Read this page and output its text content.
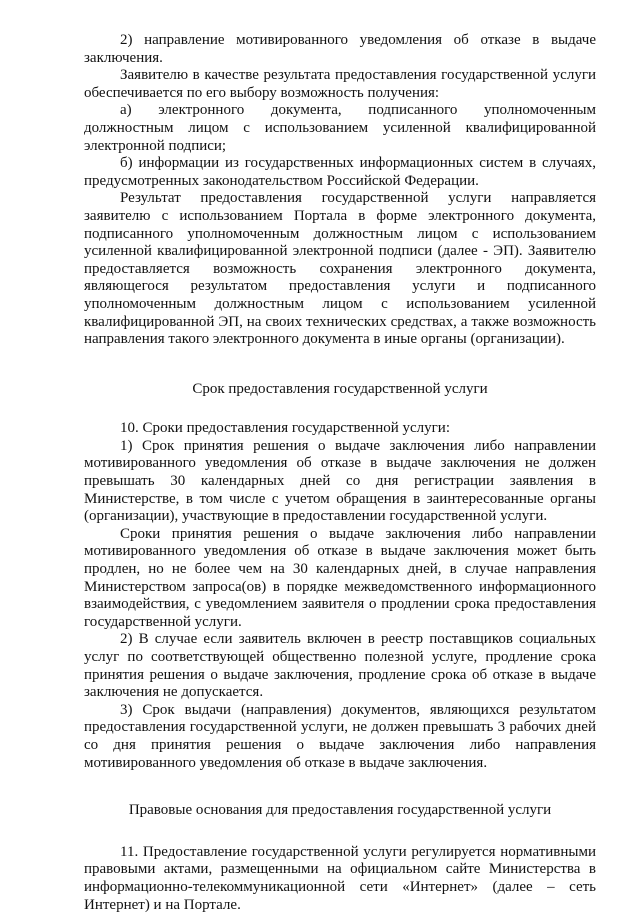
2) направление мотивированного уведомления об отказе в выдаче заключения.

Заявителю в качестве результата предоставления государственной услуги обеспечивается по его выбору возможность получения:

а) электронного документа, подписанного уполномоченным должностным лицом с использованием усиленной квалифицированной электронной подписи;

б) информации из государственных информационных систем в случаях, предусмотренных законодательством Российской Федерации.

Результат предоставления государственной услуги направляется заявителю с использованием Портала в форме электронного документа, подписанного уполномоченным должностным лицом с использованием усиленной квалифицированной электронной подписи (далее - ЭП). Заявителю предоставляется возможность сохранения электронного документа, являющегося результатом предоставления услуги и подписанного уполномоченным должностным лицом с использованием усиленной квалифицированной ЭП, на своих технических средствах, а также возможность направления такого электронного документа в иные органы (организации).

Срок предоставления государственной услуги

10. Сроки предоставления государственной услуги:

1) Срок принятия решения о выдаче заключения либо направлении мотивированного уведомления об отказе в выдаче заключения не должен превышать 30 календарных дней со дня регистрации заявления в Министерстве, в том числе с учетом обращения в заинтересованные органы (организации), участвующие в предоставлении государственной услуги.

Сроки принятия решения о выдаче заключения либо направлении мотивированного уведомления об отказе в выдаче заключения может быть продлен, но не более чем на 30 календарных дней, в случае направления Министерством запроса(ов) в порядке межведомственного информационного взаимодействия, с уведомлением заявителя о продлении срока предоставления государственной услуги.

2) В случае если заявитель включен в реестр поставщиков социальных услуг по соответствующей общественно полезной услуге, продление срока принятия решения о выдаче заключения, продление срока об отказе в выдаче заключения не допускается.

3) Срок выдачи (направления) документов, являющихся результатом предоставления государственной услуги, не должен превышать 3 рабочих дней со дня принятия решения о выдаче заключения либо направления мотивированного уведомления об отказе в выдаче заключения.

Правовые основания для предоставления государственной услуги

11. Предоставление государственной услуги регулируется нормативными правовыми актами, размещенными на официальном сайте Министерства в информационно-телекоммуникационной сети «Интернет» (далее – сеть Интернет) и на Портале.
